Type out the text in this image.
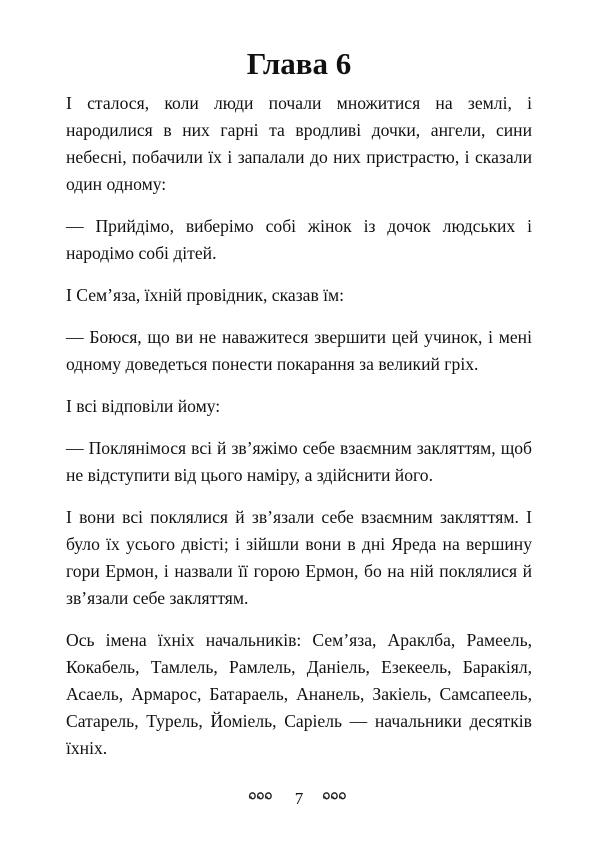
Глава 6

І сталося, коли люди почали множитися на землі, і народилися в них гарні та вродливі дочки, ангели, сини небесні, побачили їх і запалали до них пристрастю, і сказали один одному:

— Прийдімо, виберімо собі жінок із дочок людських і народімо собі дітей.

І Сем’яза, їхній провідник, сказав їм:

— Боюся, що ви не наважитеся звершити цей учинок, і мені одному доведеться понести покарання за великий гріх.

І всі відповіли йому:

— Поклянімося всі й зв’яжімо себе взаємним закляттям, щоб не відступити від цього наміру, а здійснити його.

І вони всі поклялися й зв’язали себе взаємним закляттям. І було їх усього двісті; і зійшли вони в дні Яреда на вершину гори Ермон, і назвали її горою Ермон, бо на ній поклялися й зв’язали себе закляттям.

Ось імена їхніх начальників: Сем’яза, Араклба, Рамеель, Кокабель, Тамлель, Рамлель, Даніель, Езекеель, Баракіял, Асаель, Армарос, Батараель, Ананель, Закіель, Самсапеель, Сатарель, Турель, Йоміель, Саріель — начальники десятків їхніх.

7
